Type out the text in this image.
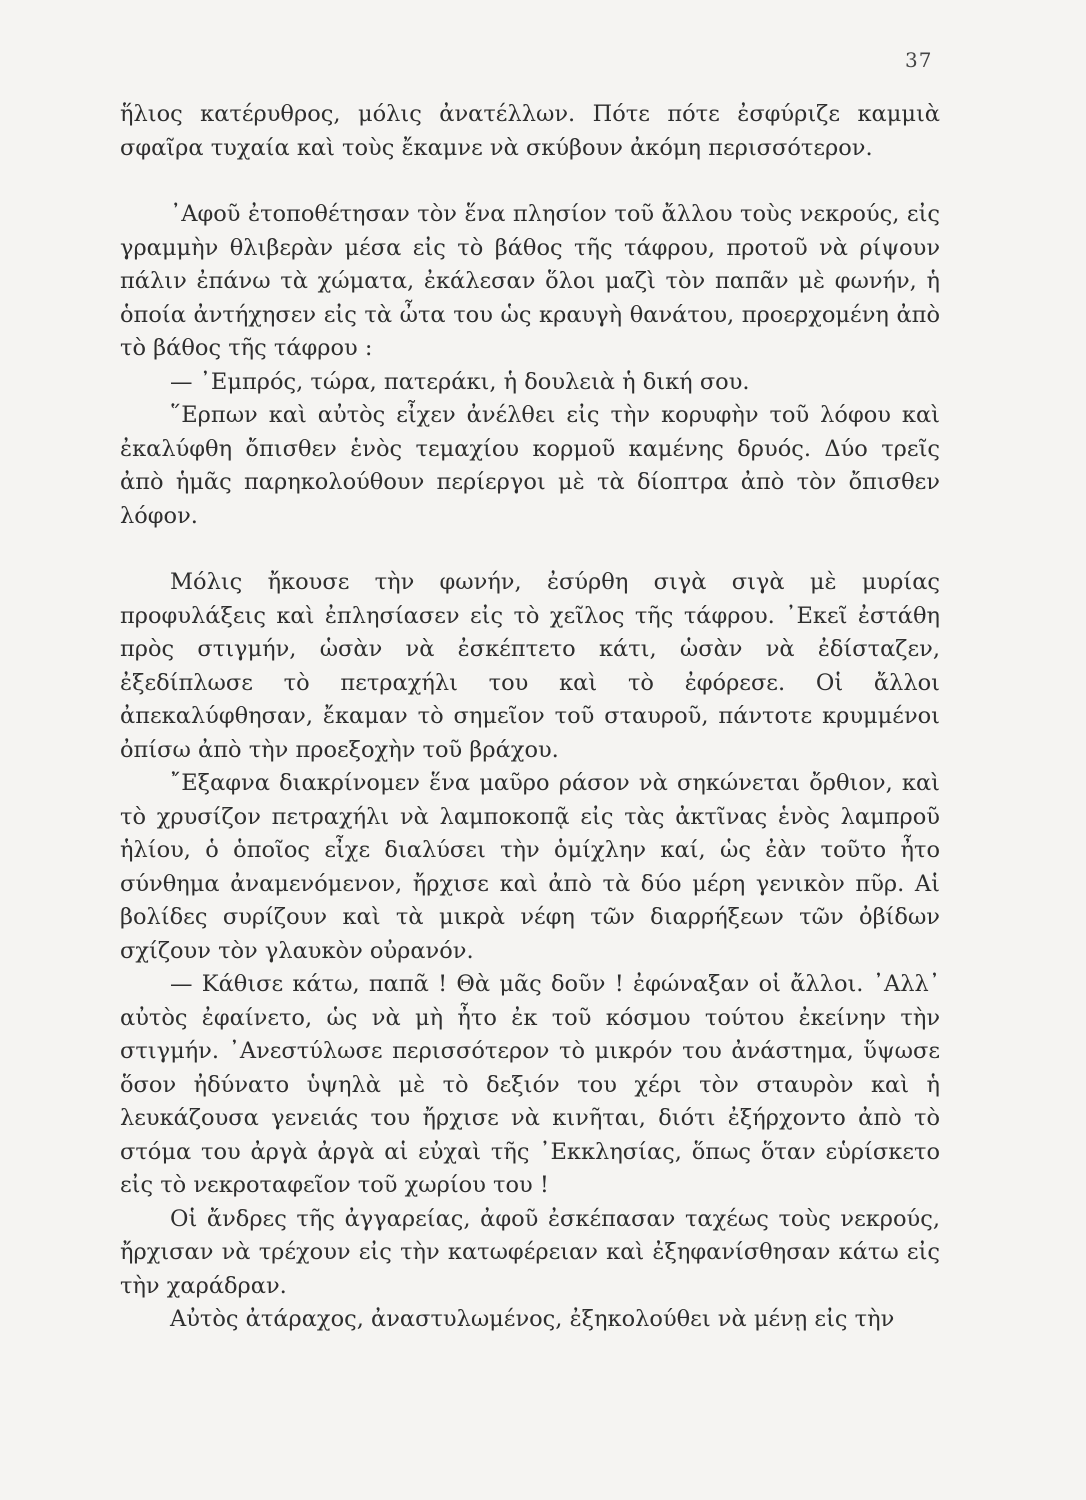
37

ἥλιος κατέρυθρος, μόλις ἀνατέλλων. Πότε πότε ἐσφύριζε καμμιὰ σφαῖρα τυχαία καὶ τοὺς ἔκαμνε νὰ σκύβουν ἀκόμη περισσότερον.

᾿Αφοῦ ἐτοποθέτησαν τὸν ἕνα πλησίον τοῦ ἄλλου τοὺς νεκρούς, εἰς γραμμὴν θλιβερὰν μέσα εἰς τὸ βάθος τῆς τάφρου, προτοῦ νὰ ρίψουν πάλιν ἐπάνω τὰ χώματα, ἐκάλεσαν ὅλοι μαζὶ τὸν παπᾶν μὲ φωνήν, ἡ ὁποία ἀντήχησεν εἰς τὰ ὦτα του ὡς κραυγὴ θανάτου, προερχομένη ἀπὸ τὸ βάθος τῆς τάφρου :

— ᾿Εμπρός, τώρα, πατεράκι, ἡ δουλειὰ ἡ δική σου.

῞Ερπων καὶ αὐτὸς εἶχεν ἀνέλθει εἰς τὴν κορυφὴν τοῦ λόφου καὶ ἐκαλύφθη ὄπισθεν ἑνὸς τεμαχίου κορμοῦ καμένης δρυός. Δύο τρεῖς ἀπὸ ἡμᾶς παρηκολούθουν περίεργοι μὲ τὰ δίοπτρα ἀπὸ τὸν ὄπισθεν λόφον.

Μόλις ἤκουσε τὴν φωνήν, ἐσύρθη σιγὰ σιγὰ μὲ μυρίας προφυλάξεις καὶ ἐπλησίασεν εἰς τὸ χεῖλος τῆς τάφρου. ᾿Εκεῖ ἐστάθη πρὸς στιγμήν, ὡσὰν νὰ ἐσκέπτετο κάτι, ὡσὰν νὰ ἐδίσταζεν, ἐξεδίπλωσε τὸ πετραχήλι του καὶ τὸ ἐφόρεσε. Οἱ ἄλλοι ἀπεκαλύφθησαν, ἔκαμαν τὸ σημεῖον τοῦ σταυροῦ, πάντοτε κρυμμένοι ὀπίσω ἀπὸ τὴν προεξοχὴν τοῦ βράχου.

῎Εξαφνα διακρίνομεν ἕνα μαῦρο ράσον νὰ σηκώνεται ὄρθιον, καὶ τὸ χρυσίζον πετραχήλι νὰ λαμποκοπᾷ εἰς τὰς ἀκτῖνας ἑνὸς λαμπροῦ ἡλίου, ὁ ὁποῖος εἶχε διαλύσει τὴν ὁμίχλην καί, ὡς ἐὰν τοῦτο ἦτο σύνθημα ἀναμενόμενον, ἤρχισε καὶ ἀπὸ τὰ δύο μέρη γενικὸν πῦρ. Αἱ βολίδες συρίζουν καὶ τὰ μικρὰ νέφη τῶν διαρρήξεων τῶν ὀβίδων σχίζουν τὸν γλαυκὸν οὐρανόν.

— Κάθισε κάτω, παπᾶ ! Θὰ μᾶς δοῦν ! ἐφώναξαν οἱ ἄλλοι. ᾿Αλλ᾿ αὐτὸς ἐφαίνετο, ὡς νὰ μὴ ἦτο ἐκ τοῦ κόσμου τούτου ἐκείνην τὴν στιγμήν. ᾿Ανεστύλωσε περισσότερον τὸ μικρόν του ἀνάστημα, ὕψωσε ὅσον ἠδύνατο ὑψηλὰ μὲ τὸ δεξιόν του χέρι τὸν σταυρὸν καὶ ἡ λευκάζουσα γενειάς του ἤρχισε νὰ κινῆται, διότι ἐξήρχοντο ἀπὸ τὸ στόμα του ἀργὰ ἀργὰ αἱ εὐχαὶ τῆς ᾿Εκκλησίας, ὅπως ὅταν εὑρίσκετο εἰς τὸ νεκροταφεῖον τοῦ χωρίου του !

Οἱ ἄνδρες τῆς ἀγγαρείας, ἀφοῦ ἐσκέπασαν ταχέως τοὺς νεκρούς, ἤρχισαν νὰ τρέχουν εἰς τὴν κατωφέρειαν καὶ ἐξηφανίσθησαν κάτω εἰς τὴν χαράδραν.

Αὐτὸς ἀτάραχος, ἀναστυλωμένος, ἐξηκολούθει νὰ μένῃ εἰς τὴν
